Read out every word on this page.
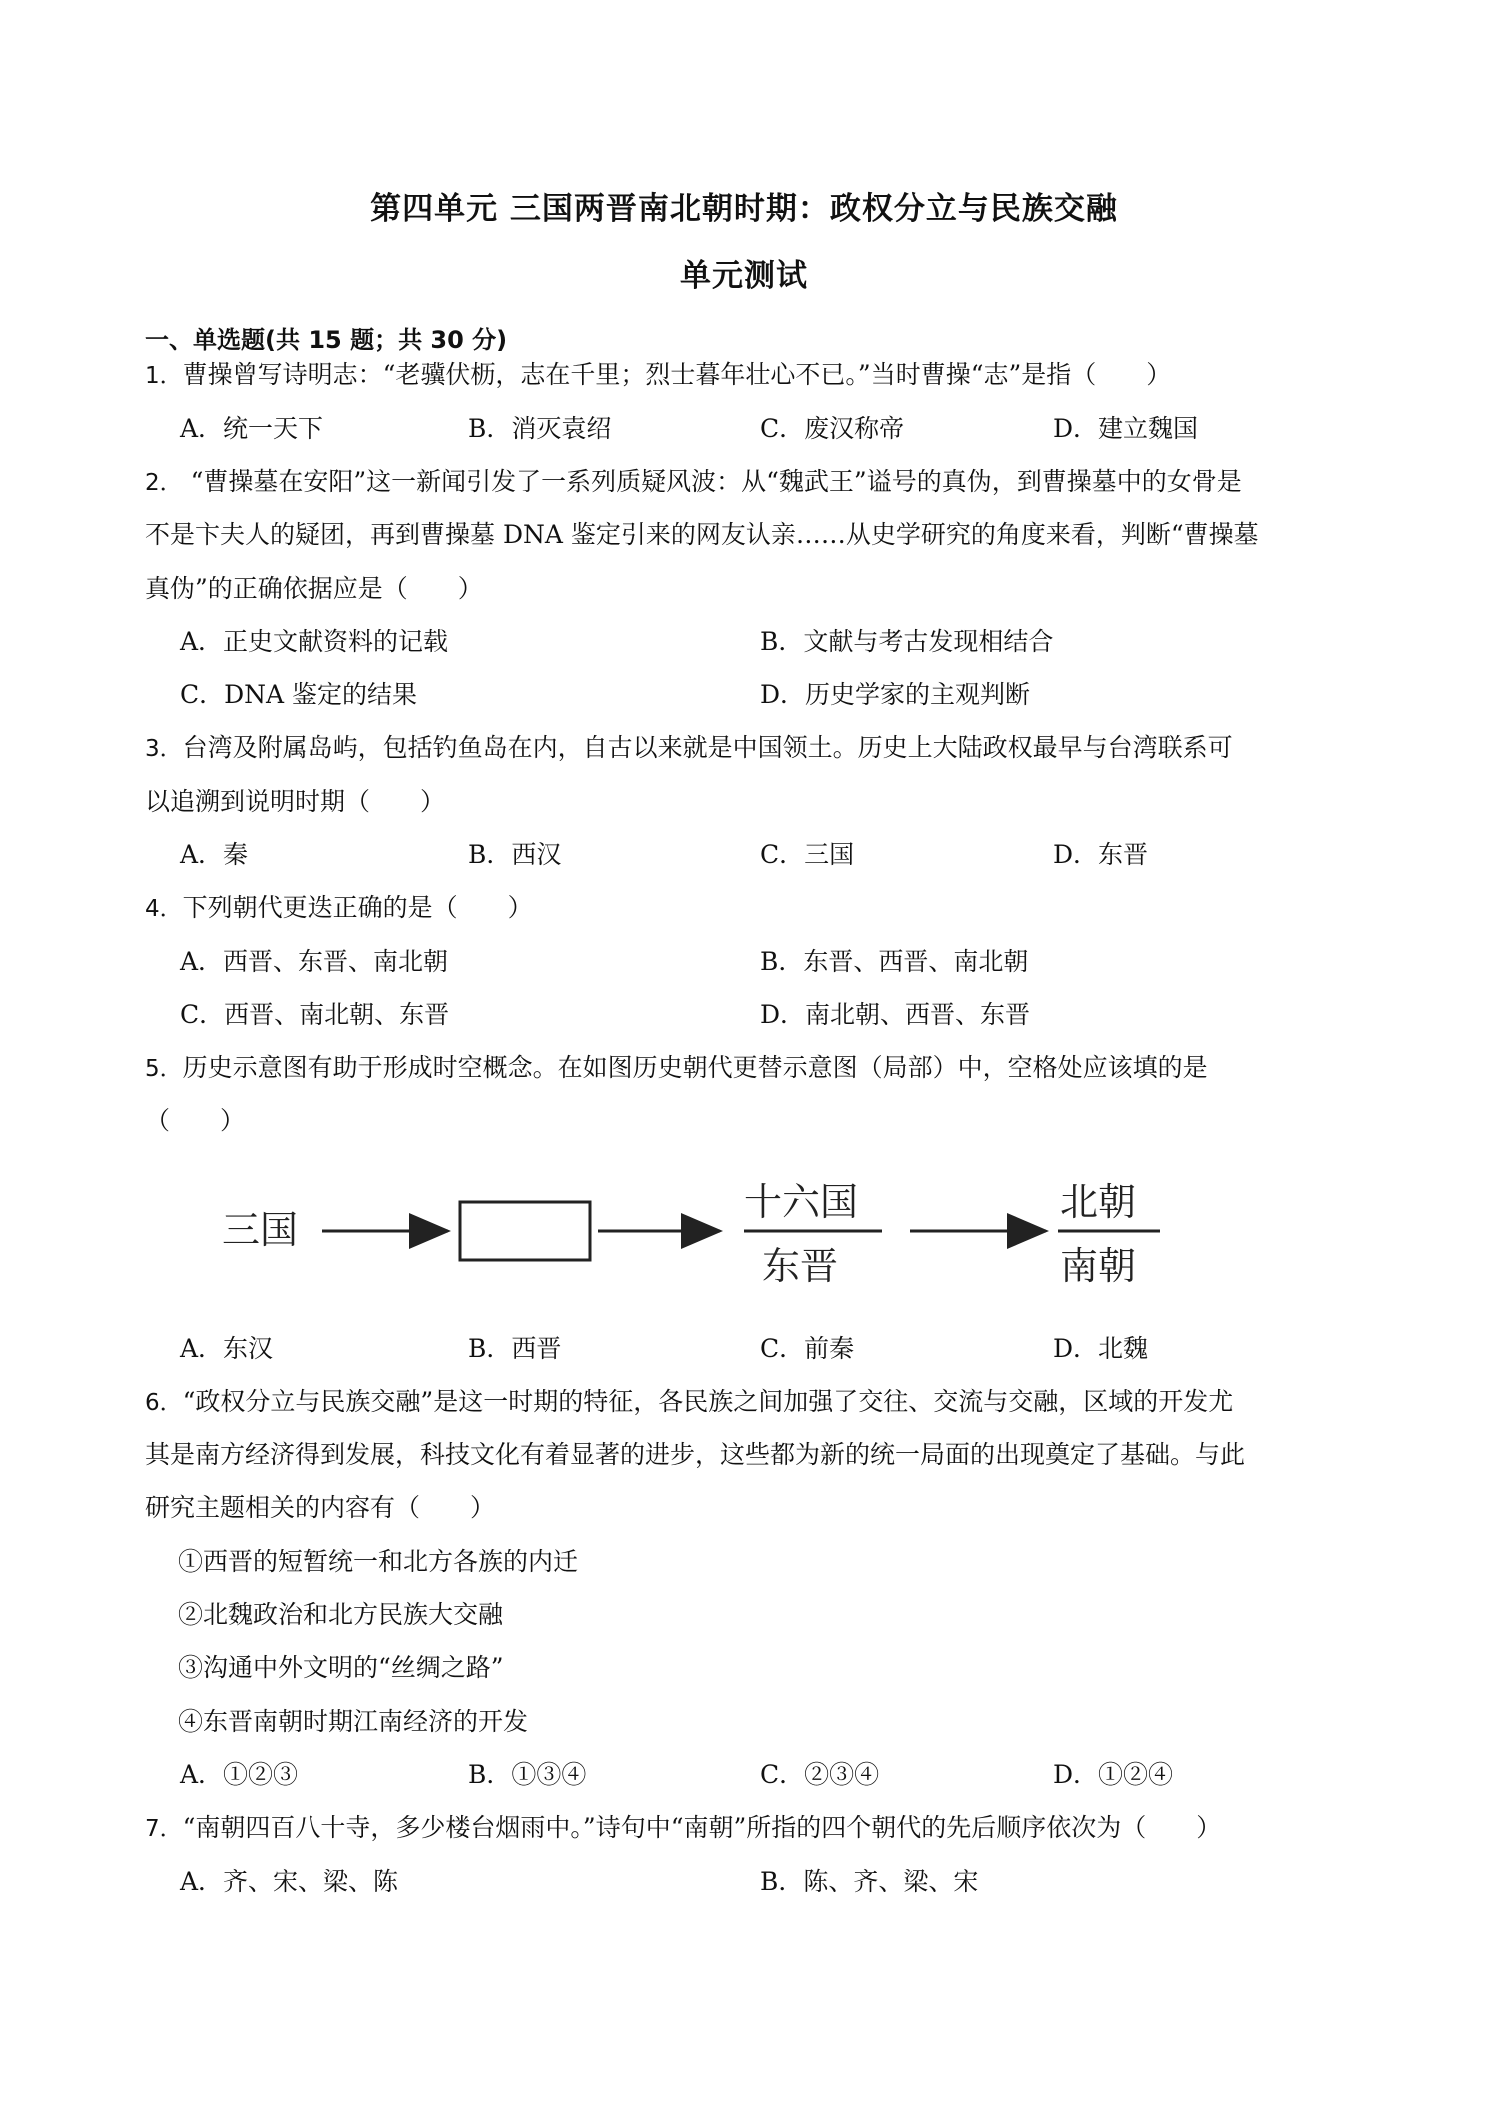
第四单元 三国两晋南北朝时期：政权分立与民族交融
单元测试
一、单选题(共 15 题；共 30 分)
1．曹操曾写诗明志：“老骥伏枥，志在千里；烈士暮年壮心不已。”当时曹操“志”是指（　　）
A．统一天下	B．消灭袁绍	C．废汉称帝	D．建立魏国
2． “曹操墓在安阳”这一新闻引发了一系列质疑风波：从“魏武王”谥号的真伪，到曹操墓中的女骨是
不是卞夫人的疑团，再到曹操墓 DNA 鉴定引来的网友认亲……从史学研究的角度来看，判断“曹操墓
真伪”的正确依据应是（　　）
A．正史文献资料的记载	B．文献与考古发现相结合
C．DNA 鉴定的结果	D．历史学家的主观判断
3．台湾及附属岛屿，包括钓鱼岛在内，自古以来就是中国领土。历史上大陆政权最早与台湾联系可
以追溯到说明时期（　　）
A．秦	B．西汉	C．三国	D．东晋
4．下列朝代更迭正确的是（　　）
A．西晋、东晋、南北朝	B．东晋、西晋、南北朝
C．西晋、南北朝、东晋	D．南北朝、西晋、东晋
5．历史示意图有助于形成时空概念。在如图历史朝代更替示意图（局部）中，空格处应该填的是
（　　）
三国
十六国
东晋
北朝
南朝
A．东汉	B．西晋	C．前秦	D．北魏
6．“政权分立与民族交融”是这一时期的特征，各民族之间加强了交往、交流与交融，区域的开发尤
其是南方经济得到发展，科技文化有着显著的进步，这些都为新的统一局面的出现奠定了基础。与此
研究主题相关的内容有（　　）
①西晋的短暂统一和北方各族的内迁
②北魏政治和北方民族大交融
③沟通中外文明的“丝绸之路”
④东晋南朝时期江南经济的开发
A．①②③	B．①③④	C．②③④	D．①②④
7．“南朝四百八十寺，多少楼台烟雨中。”诗句中“南朝”所指的四个朝代的先后顺序依次为（　　）
A．齐、宋、梁、陈	B．陈、齐、梁、宋
